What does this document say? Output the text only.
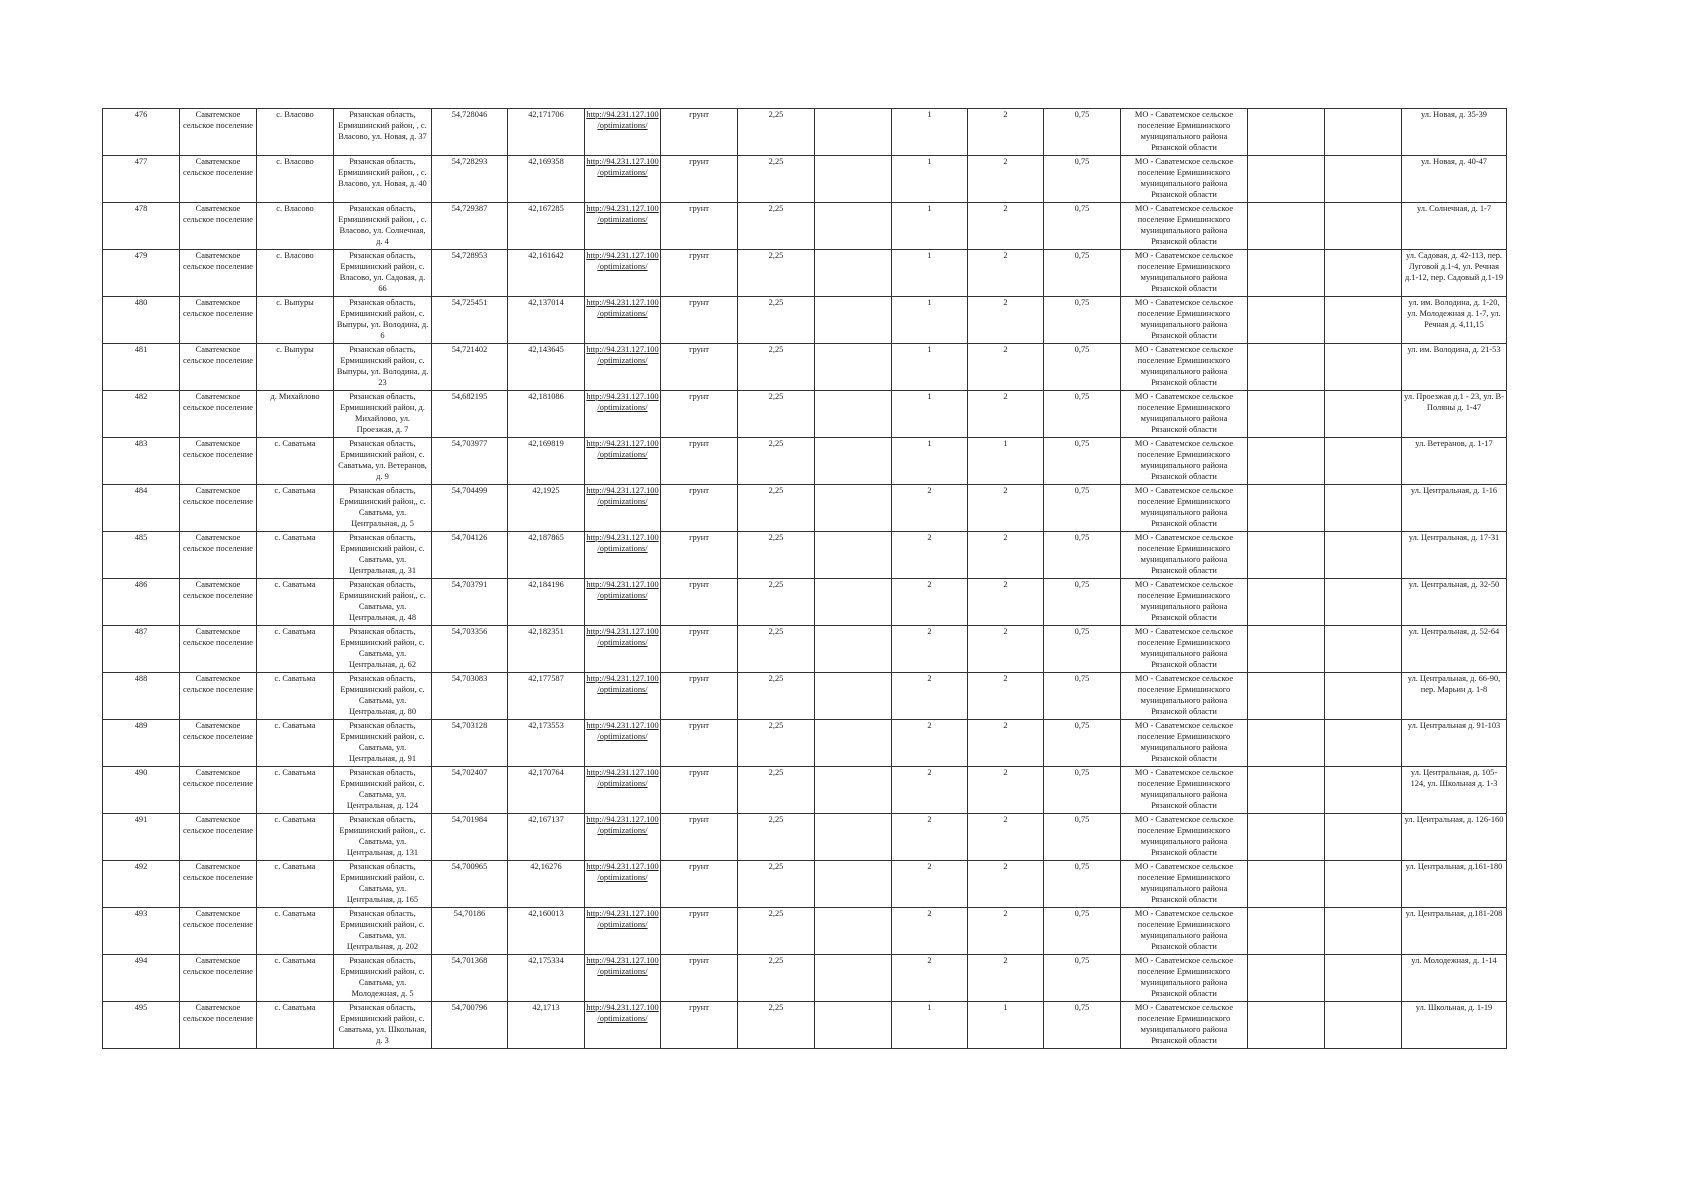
476	Саватемское сельское поселение	с. Власово	Рязанская область, Ермишинский район, , с. Власово, ул. Новая, д. 37	54,728046	42,171706	http://94.231.127.100/optimizations/	грунт	2,25		1	2	0,75	МО - Саватемское сельское поселение Ермишинского муниципального района Рязанской области			ул. Новая, д. 35-39
477	Саватемское сельское поселение	с. Власово	Рязанская область, Ермишинский район, , с. Власово, ул. Новая, д. 40	54,728293	42,169358	http://94.231.127.100/optimizations/	грунт	2,25		1	2	0,75	МО - Саватемское сельское поселение Ермишинского муниципального района Рязанской области			ул. Новая, д. 40-47
478	Саватемское сельское поселение	с. Власово	Рязанская область, Ермишинский район, , с. Власово, ул. Солнечная, д. 4	54,729387	42,167285	http://94.231.127.100/optimizations/	грунт	2,25		1	2	0,75	МО - Саватемское сельское поселение Ермишинского муниципального района Рязанской области			ул. Солнечная, д. 1-7
479	Саватемское сельское поселение	с. Власово	Рязанская область, Ермишинский район, с. Власово, ул. Садовая, д. 66	54,728953	42,161642	http://94.231.127.100/optimizations/	грунт	2,25		1	2	0,75	МО - Саватемское сельское поселение Ермишинского муниципального района Рязанской области			ул. Садовая, д. 42-113, пер. Луговой д.1-4, ул. Речная д.1-12, пер. Садовый д.1-19
480	Саватемское сельское поселение	с. Выпуры	Рязанская область, Ермишинский район, с. Выпуры, ул. Володина, д. 6	54,725451	42,137014	http://94.231.127.100/optimizations/	грунт	2,25		1	2	0,75	МО - Саватемское сельское поселение Ермишинского муниципального района Рязанской области			ул. им. Володина, д. 1-20, ул. Молодежная д. 1-7, ул. Речная д. 4,11,15
481	Саватемское сельское поселение	с. Выпуры	Рязанская область, Ермишинский район, с. Выпуры, ул. Володина, д. 23	54,721402	42,143645	http://94.231.127.100/optimizations/	грунт	2,25		1	2	0,75	МО - Саватемское сельское поселение Ермишинского муниципального района Рязанской области			ул. им. Володина, д. 21-53
482	Саватемское сельское поселение	д. Михайлово	Рязанская область, Ермишинский район, д. Михайлово, ул. Проезжая, д. 7	54,682195	42,181086	http://94.231.127.100/optimizations/	грунт	2,25		1	2	0,75	МО - Саватемское сельское поселение Ермишинского муниципального района Рязанской области			ул. Проезжая д.1 - 23, ул. В-Поляны д. 1-47
483	Саватемское сельское поселение	с. Саватьма	Рязанская область, Ермишинский район, с. Саватьма, ул. Ветеранов, д. 9	54,703977	42,169819	http://94.231.127.100/optimizations/	грунт	2,25		1	1	0,75	МО - Саватемское сельское поселение Ермишинского муниципального района Рязанской области			ул. Ветеранов, д. 1-17
484	Саватемское сельское поселение	с. Саватьма	Рязанская область, Ермишинский район,, с. Саватьма, ул. Центральная, д. 5	54,704499	42,1925	http://94.231.127.100/optimizations/	грунт	2,25		2	2	0,75	МО - Саватемское сельское поселение Ермишинского муниципального района Рязанской области			ул. Центральная, д. 1-16
485	Саватемское сельское поселение	с. Саватьма	Рязанская область, Ермишинский район, с. Саватьма, ул. Центральная, д. 31	54,704126	42,187865	http://94.231.127.100/optimizations/	грунт	2,25		2	2	0,75	МО - Саватемское сельское поселение Ермишинского муниципального района Рязанской области			ул. Центральная, д. 17-31
486	Саватемское сельское поселение	с. Саватьма	Рязанская область, Ермишинский район,, с. Саватьма, ул. Центральная, д. 48	54,703791	42,184196	http://94.231.127.100/optimizations/	грунт	2,25		2	2	0,75	МО - Саватемское сельское поселение Ермишинского муниципального района Рязанской области			ул. Центральная, д. 32-50
487	Саватемское сельское поселение	с. Саватьма	Рязанская область, Ермишинский район, с. Саватьма, ул. Центральная, д. 62	54,703356	42,182351	http://94.231.127.100/optimizations/	грунт	2,25		2	2	0,75	МО - Саватемское сельское поселение Ермишинского муниципального района Рязанской области			ул. Центральная, д. 52-64
488	Саватемское сельское поселение	с. Саватьма	Рязанская область, Ермишинский район, с. Саватьма, ул. Центральная, д. 80	54,703083	42,177587	http://94.231.127.100/optimizations/	грунт	2,25		2	2	0,75	МО - Саватемское сельское поселение Ермишинского муниципального района Рязанской области			ул. Центральная, д. 66-90, пер. Марьин д. 1-8
489	Саватемское сельское поселение	с. Саватьма	Рязанская область, Ермишинский район, с. Саватьма, ул. Центральная, д. 91	54,703128	42,173553	http://94.231.127.100/optimizations/	грунт	2,25		2	2	0,75	МО - Саватемское сельское поселение Ермишинского муниципального района Рязанской области			ул. Центральная д. 91-103
490	Саватемское сельское поселение	с. Саватьма	Рязанская область, Ермишинский район, с. Саватьма, ул. Центральная, д. 124	54,702407	42,170764	http://94.231.127.100/optimizations/	грунт	2,25		2	2	0,75	МО - Саватемское сельское поселение Ермишинского муниципального района Рязанской области			ул. Центральная, д. 105-124, ул. Школьная д. 1-3
491	Саватемское сельское поселение	с. Саватьма	Рязанская область, Ермишинский район,, с. Саватьма, ул. Центральная, д. 131	54,701984	42,167137	http://94.231.127.100/optimizations/	грунт	2,25		2	2	0,75	МО - Саватемское сельское поселение Ермишинского муниципального района Рязанской области			ул. Центральная, д. 126-160
492	Саватемское сельское поселение	с. Саватьма	Рязанская область, Ермишинский район, с. Саватьма, ул. Центральная, д. 165	54,700965	42,16276	http://94.231.127.100/optimizations/	грунт	2,25		2	2	0,75	МО - Саватемское сельское поселение Ермишинского муниципального района Рязанской области			ул. Центральная, д.161-180
493	Саватемское сельское поселение	с. Саватьма	Рязанская область, Ермишинский район, с. Саватьма, ул. Центральная, д. 202	54,70186	42,160013	http://94.231.127.100/optimizations/	грунт	2,25		2	2	0,75	МО - Саватемское сельское поселение Ермишинского муниципального района Рязанской области			ул. Центральная, д.181-208
494	Саватемское сельское поселение	с. Саватьма	Рязанская область, Ермишинский район, с. Саватьма, ул. Молодежная, д. 5	54,701368	42,175334	http://94.231.127.100/optimizations/	грунт	2,25		2	2	0,75	МО - Саватемское сельское поселение Ермишинского муниципального района Рязанской области			ул. Молодежная, д. 1-14
495	Саватемское сельское поселение	с. Саватьма	Рязанская область, Ермишинский район, с. Саватьма, ул. Школьная, д. 3	54,700796	42,1713	http://94.231.127.100/optimizations/	грунт	2,25		1	1	0,75	МО - Саватемское сельское поселение Ермишинского муниципального района Рязанской области			ул. Школьная, д. 1-19
